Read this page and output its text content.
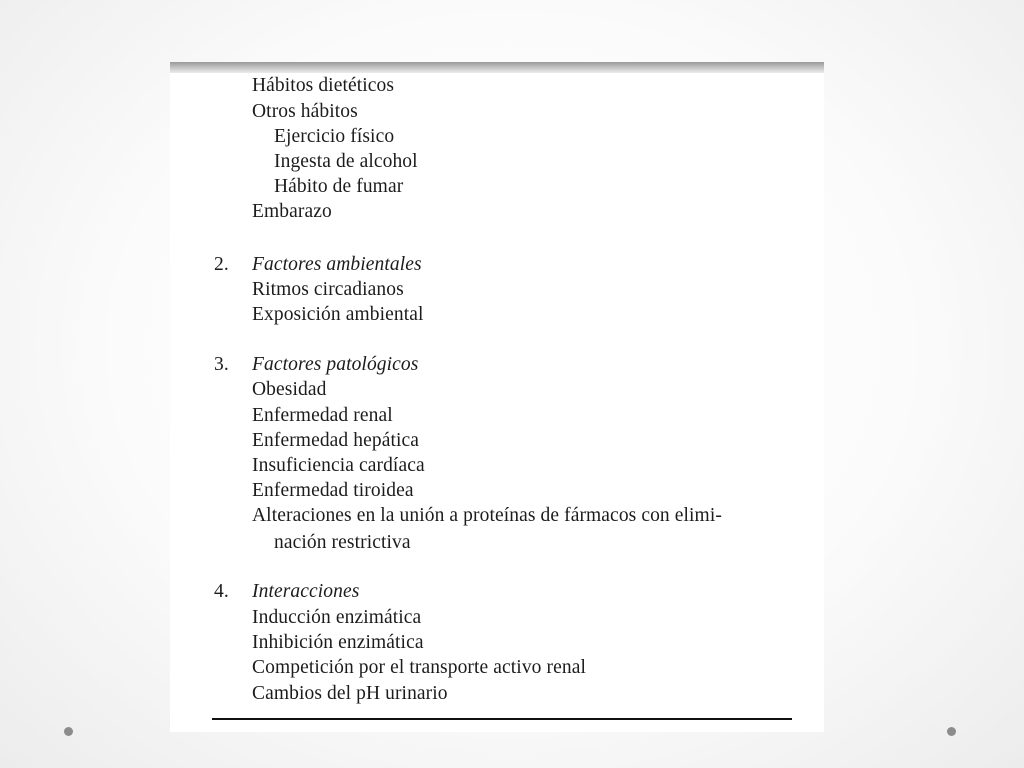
Hábitos dietéticos
Otros hábitos
Ejercicio físico
Ingesta de alcohol
Hábito de fumar
Embarazo
2. Factores ambientales
Ritmos circadianos
Exposición ambiental
3. Factores patológicos
Obesidad
Enfermedad renal
Enfermedad hepática
Insuficiencia cardíaca
Enfermedad tiroidea
Alteraciones en la unión a proteínas de fármacos con elimi-
nación restrictiva
4. Interacciones
Inducción enzimática
Inhibición enzimática
Competición por el transporte activo renal
Cambios del pH urinario
